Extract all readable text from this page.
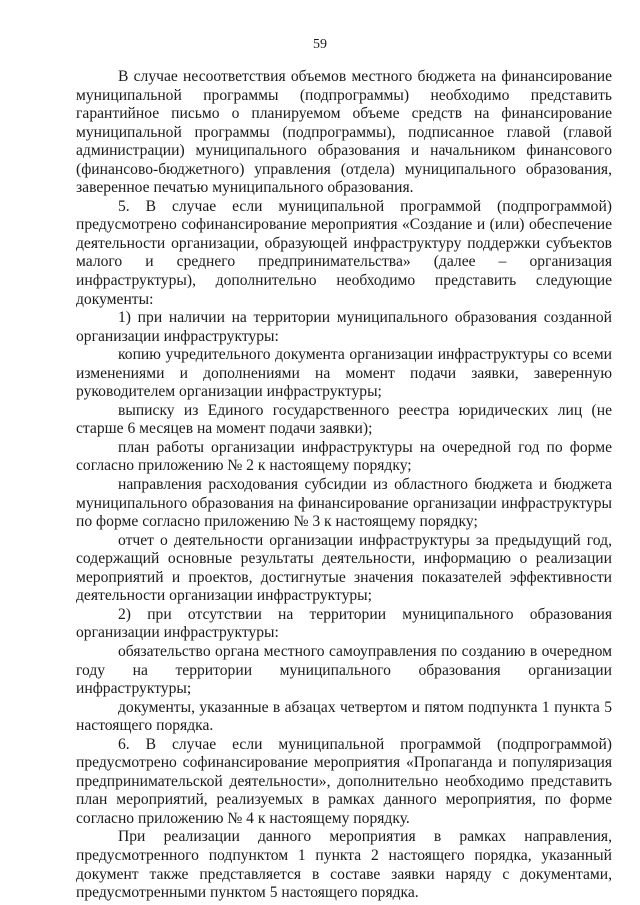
59

В случае несоответствия объемов местного бюджета на финансирование муниципальной программы (подпрограммы) необходимо представить гарантийное письмо о планируемом объеме средств на финансирование муниципальной программы (подпрограммы), подписанное главой (главой администрации) муниципального образования и начальником финансового (финансово-бюджетного) управления (отдела) муниципального образования, заверенное печатью муниципального образования.

5. В случае если муниципальной программой (подпрограммой) предусмотрено софинансирование мероприятия «Создание и (или) обеспечение деятельности организации, образующей инфраструктуру поддержки субъектов малого и среднего предпринимательства» (далее – организация инфраструктуры), дополнительно необходимо представить следующие документы:

1) при наличии на территории муниципального образования созданной организации инфраструктуры:

копию учредительного документа организации инфраструктуры со всеми изменениями и дополнениями на момент подачи заявки, заверенную руководителем организации инфраструктуры;

выписку из Единого государственного реестра юридических лиц (не старше 6 месяцев на момент подачи заявки);

план работы организации инфраструктуры на очередной год по форме согласно приложению № 2 к настоящему порядку;

направления расходования субсидии из областного бюджета и бюджета муниципального образования на финансирование организации инфраструктуры по форме согласно приложению № 3 к настоящему порядку;

отчет о деятельности организации инфраструктуры за предыдущий год, содержащий основные результаты деятельности, информацию о реализации мероприятий и проектов, достигнутые значения показателей эффективности деятельности организации инфраструктуры;

2) при отсутствии на территории муниципального образования организации инфраструктуры:

обязательство органа местного самоуправления по созданию в очередном году на территории муниципального образования организации инфраструктуры;

документы, указанные в абзацах четвертом и пятом подпункта 1 пункта 5 настоящего порядка.

6. В случае если муниципальной программой (подпрограммой) предусмотрено софинансирование мероприятия «Пропаганда и популяризация предпринимательской деятельности», дополнительно необходимо представить план мероприятий, реализуемых в рамках данного мероприятия, по форме согласно приложению № 4 к настоящему порядку.

При реализации данного мероприятия в рамках направления, предусмотренного подпунктом 1 пункта 2 настоящего порядка, указанный документ также представляется в составе заявки наряду с документами, предусмотренными пунктом 5 настоящего порядка.
